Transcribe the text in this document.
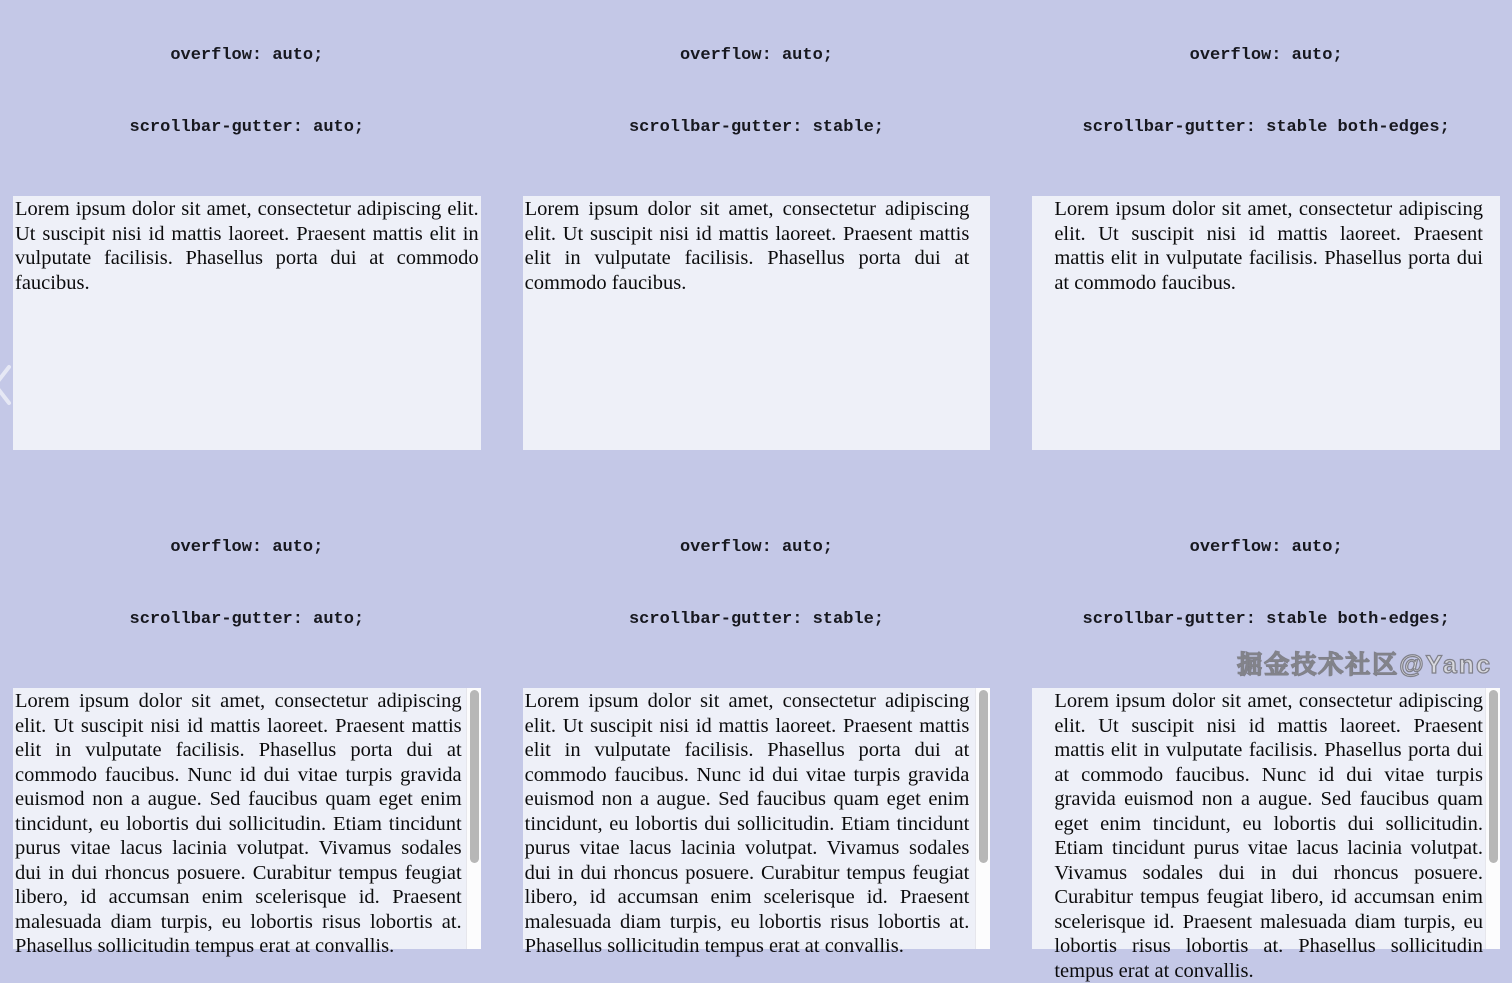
overflow: auto;

scrollbar-gutter: auto;

Lorem ipsum dolor sit amet, consectetur adipiscing elit. Ut suscipit nisi id mattis laoreet. Praesent mattis elit in vulputate facilisis. Phasellus porta dui at commodo faucibus.

overflow: auto;

scrollbar-gutter: stable;

Lorem ipsum dolor sit amet, consectetur adipiscing elit. Ut suscipit nisi id mattis laoreet. Praesent mattis elit in vulputate facilisis. Phasellus porta dui at commodo faucibus.

overflow: auto;

scrollbar-gutter: stable both-edges;

Lorem ipsum dolor sit amet, consectetur adipiscing elit. Ut suscipit nisi id mattis laoreet. Praesent mattis elit in vulputate facilisis. Phasellus porta dui at commodo faucibus.

overflow: auto;

scrollbar-gutter: auto;

Lorem ipsum dolor sit amet, consectetur adipiscing elit. Ut suscipit nisi id mattis laoreet. Praesent mattis elit in vulputate facilisis. Phasellus porta dui at commodo faucibus. Nunc id dui vitae turpis gravida euismod non a augue. Sed faucibus quam eget enim tincidunt, eu lobortis dui sollicitudin. Etiam tincidunt purus vitae lacus lacinia volutpat. Vivamus sodales dui in dui rhoncus posuere. Curabitur tempus feugiat libero, id accumsan enim scelerisque id. Praesent malesuada diam turpis, eu lobortis risus lobortis at. Phasellus sollicitudin tempus erat at convallis.

overflow: auto;

scrollbar-gutter: stable;

Lorem ipsum dolor sit amet, consectetur adipiscing elit. Ut suscipit nisi id mattis laoreet. Praesent mattis elit in vulputate facilisis. Phasellus porta dui at commodo faucibus. Nunc id dui vitae turpis gravida euismod non a augue. Sed faucibus quam eget enim tincidunt, eu lobortis dui sollicitudin. Etiam tincidunt purus vitae lacus lacinia volutpat. Vivamus sodales dui in dui rhoncus posuere. Curabitur tempus feugiat libero, id accumsan enim scelerisque id. Praesent malesuada diam turpis, eu lobortis risus lobortis at. Phasellus sollicitudin tempus erat at convallis.

overflow: auto;

scrollbar-gutter: stable both-edges;

Lorem ipsum dolor sit amet, consectetur adipiscing elit. Ut suscipit nisi id mattis laoreet. Praesent mattis elit in vulputate facilisis. Phasellus porta dui at commodo faucibus. Nunc id dui vitae turpis gravida euismod non a augue. Sed faucibus quam eget enim tincidunt, eu lobortis dui sollicitudin. Etiam tincidunt purus vitae lacus lacinia volutpat. Vivamus sodales dui in dui rhoncus posuere. Curabitur tempus feugiat libero, id accumsan enim scelerisque id. Praesent malesuada diam turpis, eu lobortis risus lobortis at. Phasellus sollicitudin tempus erat at convallis.
掘金技术社区@Yanc
